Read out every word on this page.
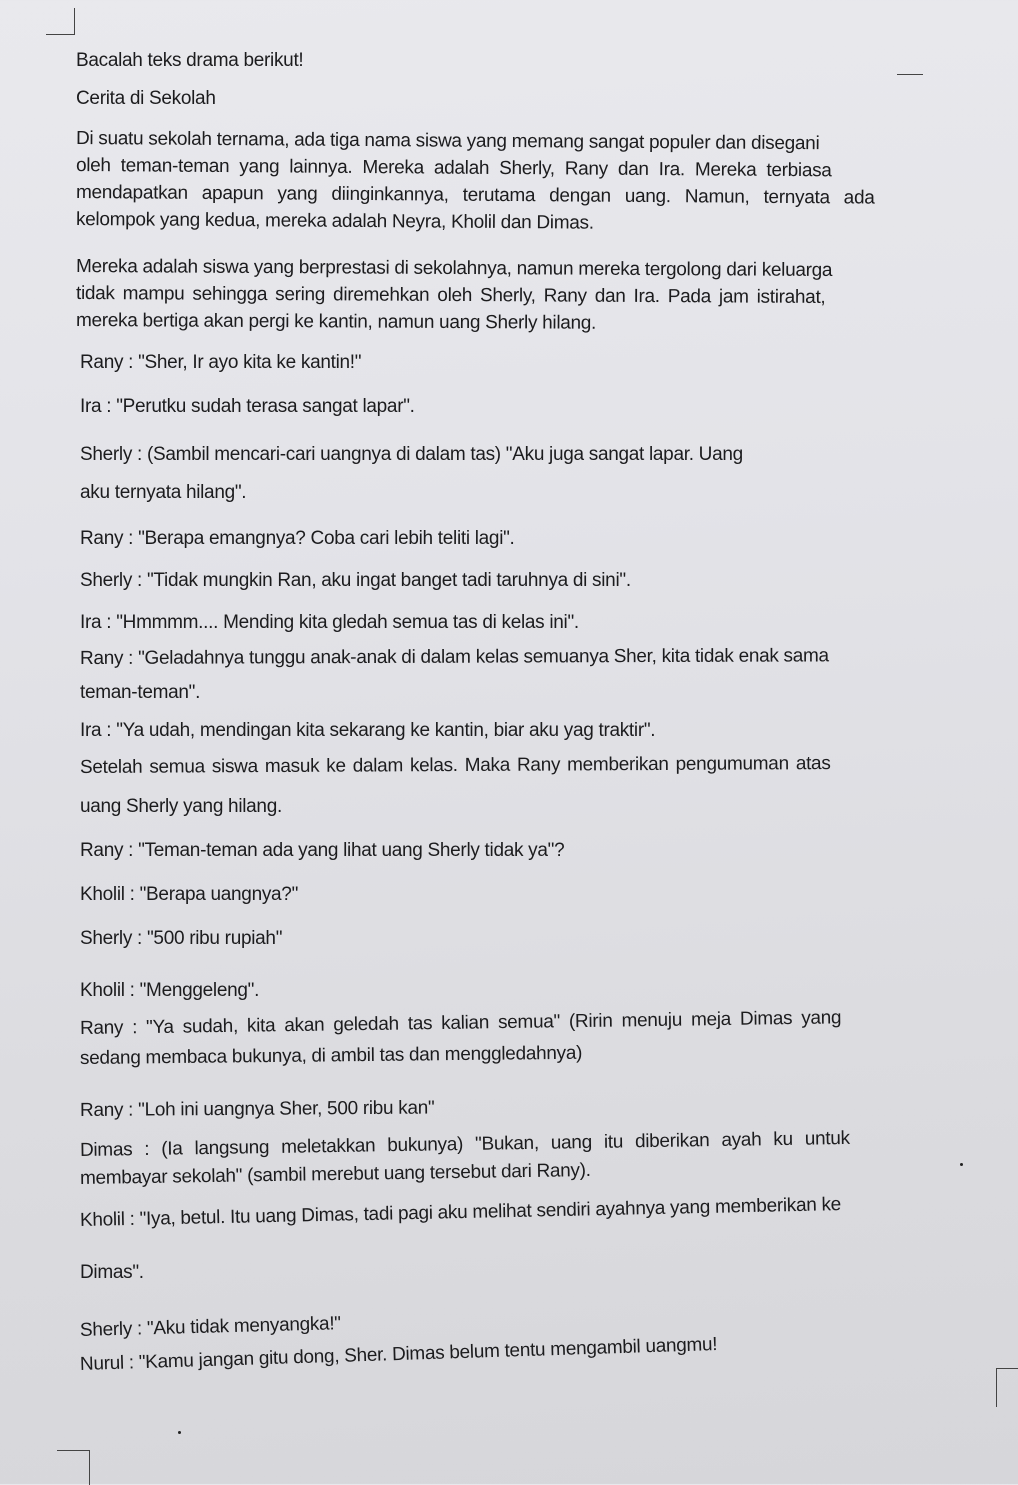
Bacalah teks drama berikut!
Cerita di Sekolah
Di suatu sekolah ternama, ada tiga nama siswa yang memang sangat populer dan disegani
oleh teman-teman yang lainnya. Mereka adalah Sherly, Rany dan Ira. Mereka terbiasa
mendapatkan apapun yang diinginkannya, terutama dengan uang. Namun, ternyata ada
kelompok yang kedua, mereka adalah Neyra, Kholil dan Dimas.
Mereka adalah siswa yang berprestasi di sekolahnya, namun mereka tergolong dari keluarga
tidak mampu sehingga sering diremehkan oleh Sherly, Rany dan Ira. Pada jam istirahat,
mereka bertiga akan pergi ke kantin, namun uang Sherly hilang.
Rany : "Sher, Ir ayo kita ke kantin!"
Ira : "Perutku sudah terasa sangat lapar".
Sherly : (Sambil mencari-cari uangnya di dalam tas) "Aku juga sangat lapar. Uang
aku ternyata hilang".
Rany : "Berapa emangnya? Coba cari lebih teliti lagi".
Sherly : "Tidak mungkin Ran, aku ingat banget tadi taruhnya di sini".
Ira : "Hmmmm.... Mending kita gledah semua tas di kelas ini".
Rany : "Geladahnya tunggu anak-anak di dalam kelas semuanya Sher, kita tidak enak sama
teman-teman".
Ira : "Ya udah, mendingan kita sekarang ke kantin, biar aku yag traktir".
Setelah semua siswa masuk ke dalam kelas. Maka Rany memberikan pengumuman atas
uang Sherly yang hilang.
Rany : "Teman-teman ada yang lihat uang Sherly tidak ya"?
Kholil : "Berapa uangnya?"
Sherly : "500 ribu rupiah"
Kholil : "Menggeleng".
Rany : "Ya sudah, kita akan geledah tas kalian semua" (Ririn menuju meja Dimas yang
sedang membaca bukunya, di ambil tas dan menggledahnya)
Rany : "Loh ini uangnya Sher, 500 ribu kan"
Dimas : (Ia langsung meletakkan bukunya) "Bukan, uang itu diberikan ayah ku untuk
membayar sekolah" (sambil merebut uang tersebut dari Rany).
Kholil : "Iya, betul. Itu uang Dimas, tadi pagi aku melihat sendiri ayahnya yang memberikan ke
Dimas".
Sherly : "Aku tidak menyangka!"
Nurul : "Kamu jangan gitu dong, Sher. Dimas belum tentu mengambil uangmu!
